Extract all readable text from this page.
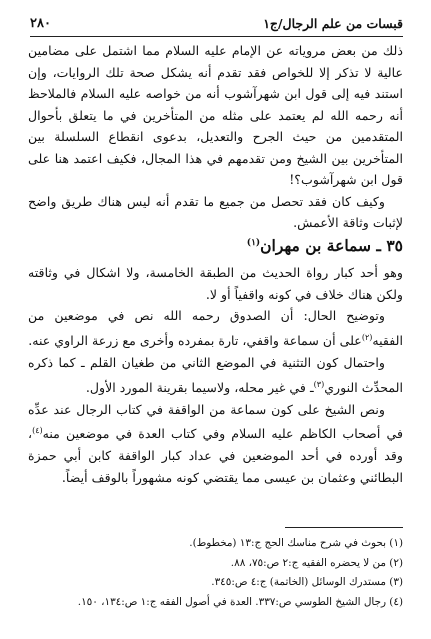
قبسات من علم الرجال/ج١
٢٨٠

ذلك من بعض مروياته عن الإمام عليه السلام مما اشتمل على مضامين عالية لا تذكر إلا للخواص فقد تقدم أنه يشكل صحة تلك الروايات، وإن استند فيه إلى قول ابن شهرآشوب أنه من خواصه عليه السلام فالملاحظ أنه رحمه الله لم يعتمد على مثله من المتأخرين في ما يتعلق بأحوال المتقدمين من حيث الجرح والتعديل، بدعوى انقطاع السلسلة بين المتأخرين بين الشيخ ومن تقدمهم في هذا المجال، فكيف اعتمد هنا على قول ابن شهرآشوب؟!

وكيف كان فقد تحصل من جميع ما تقدم أنه ليس هناك طريق واضح لإثبات وثاقة الأعمش.

٣٥ ـ سماعة بن مهران$^{(١)}$

وهو أحد كبار رواة الحديث من الطبقة الخامسة، ولا اشكال في وثاقته ولكن هناك خلاف في كونه واقفياً أو لا.

وتوضيح الحال: أن الصدوق رحمه الله نص في موضعين من الفقيه$^{(٢)}$على أن سماعة واقفي، تارة بمفرده وأخرى مع زرعة الراوي عنه.

واحتمال كون التثنية في الموضع الثاني من طغيان القلم ـ كما ذكره المحدِّث النوري$^{(٣)}$ـ في غير محله، ولاسيما بقرينة المورد الأول.

ونص الشيخ على كون سماعة من الواقفة في كتاب الرجال عند عدِّه في أصحاب الكاظم عليه السلام وفي كتاب العدة في موضعين منه$^{(٤)}$، وقد أورده في أحد الموضعين في عداد كبار الواقفة كابن أبي حمزة البطائني وعثمان بن عيسى مما يقتضي كونه مشهوراً بالوقف أيضاً.

(١) بحوث في شرح مناسك الحج ج:١٣ (مخطوط).
(٢) من لا يحضره الفقيه ج:٢ ص:٧٥، ٨٨.
(٣) مستدرك الوسائل (الخاتمة) ج:٤ ص:٣٤٥.
(٤) رجال الشيخ الطوسي ص:٣٣٧. العدة في أصول الفقه ج:١ ص:١٣٤، ١٥٠.
